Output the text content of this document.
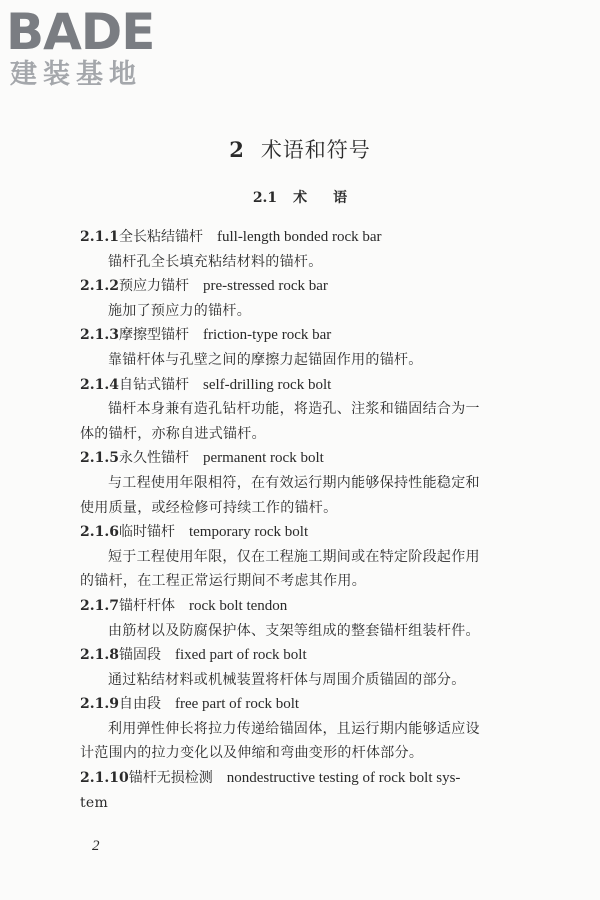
BADE
建装基地
2 术语和符号
2.1 术 语
2.1.1全长粘结锚杆 full-length bonded rock bar
锚杆孔全长填充粘结材料的锚杆。
2.1.2预应力锚杆 pre-stressed rock bar
施加了预应力的锚杆。
2.1.3摩擦型锚杆 friction-type rock bar
靠锚杆体与孔壁之间的摩擦力起锚固作用的锚杆。
2.1.4自钻式锚杆 self-drilling rock bolt
锚杆本身兼有造孔钻杆功能，将造孔、注浆和锚固结合为一
体的锚杆，亦称自进式锚杆。
2.1.5永久性锚杆 permanent rock bolt
与工程使用年限相符，在有效运行期内能够保持性能稳定和
使用质量，或经检修可持续工作的锚杆。
2.1.6临时锚杆 temporary rock bolt
短于工程使用年限，仅在工程施工期间或在特定阶段起作用
的锚杆，在工程正常运行期间不考虑其作用。
2.1.7锚杆杆体 rock bolt tendon
由筋材以及防腐保护体、支架等组成的整套锚杆组装杆件。
2.1.8锚固段 fixed part of rock bolt
通过粘结材料或机械装置将杆体与周围介质锚固的部分。
2.1.9自由段 free part of rock bolt
利用弹性伸长将拉力传递给锚固体，且运行期内能够适应设
计范围内的拉力变化以及伸缩和弯曲变形的杆体部分。
2.1.10锚杆无损检测 nondestructive testing of rock bolt sys-
tem
2
